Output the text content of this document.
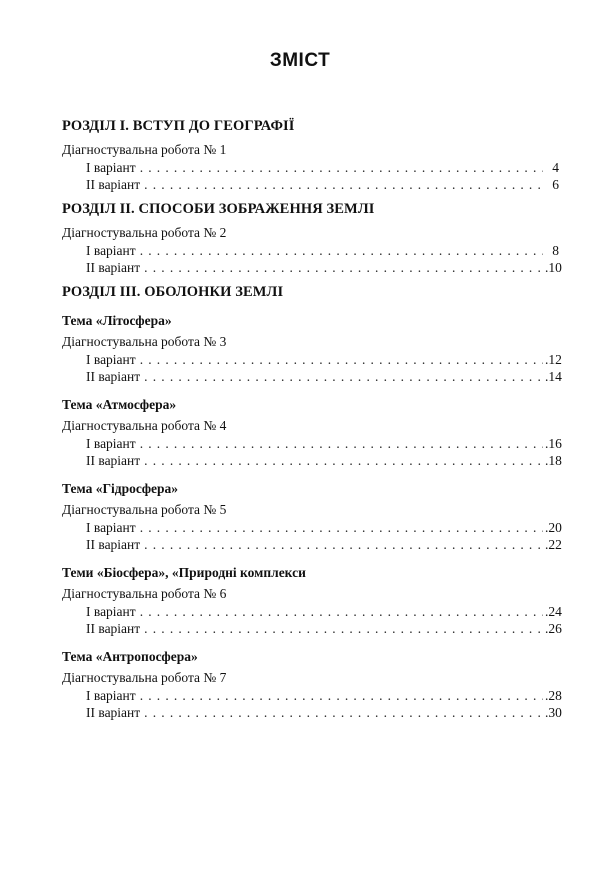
ЗМІСТ
РОЗДІЛ І. ВСТУП ДО ГЕОГРАФІЇ
Діагностувальна робота № 1
І варіант . . .	4
ІІ варіант . . .	6
РОЗДІЛ ІІ. СПОСОБИ ЗОБРАЖЕННЯ ЗЕМЛІ
Діагностувальна робота № 2
І варіант . . .	8
ІІ варіант . . .	.10
РОЗДІЛ ІІІ. ОБОЛОНКИ ЗЕМЛІ
Тема «Літосфера»
Діагностувальна робота № 3
І варіант . . .	.12
ІІ варіант . . .	.14
Тема «Атмосфера»
Діагностувальна робота № 4
І варіант . . .	.16
ІІ варіант . . .	.18
Тема «Гідросфера»
Діагностувальна робота № 5
І варіант . . .	.20
ІІ варіант . . .	.22
Теми «Біосфера», «Природні комплекси
Діагностувальна робота № 6
І варіант . . .	.24
ІІ варіант . . .	.26
Тема «Антропосфера»
Діагностувальна робота № 7
І варіант . . .	.28
ІІ варіант . . .	.30
